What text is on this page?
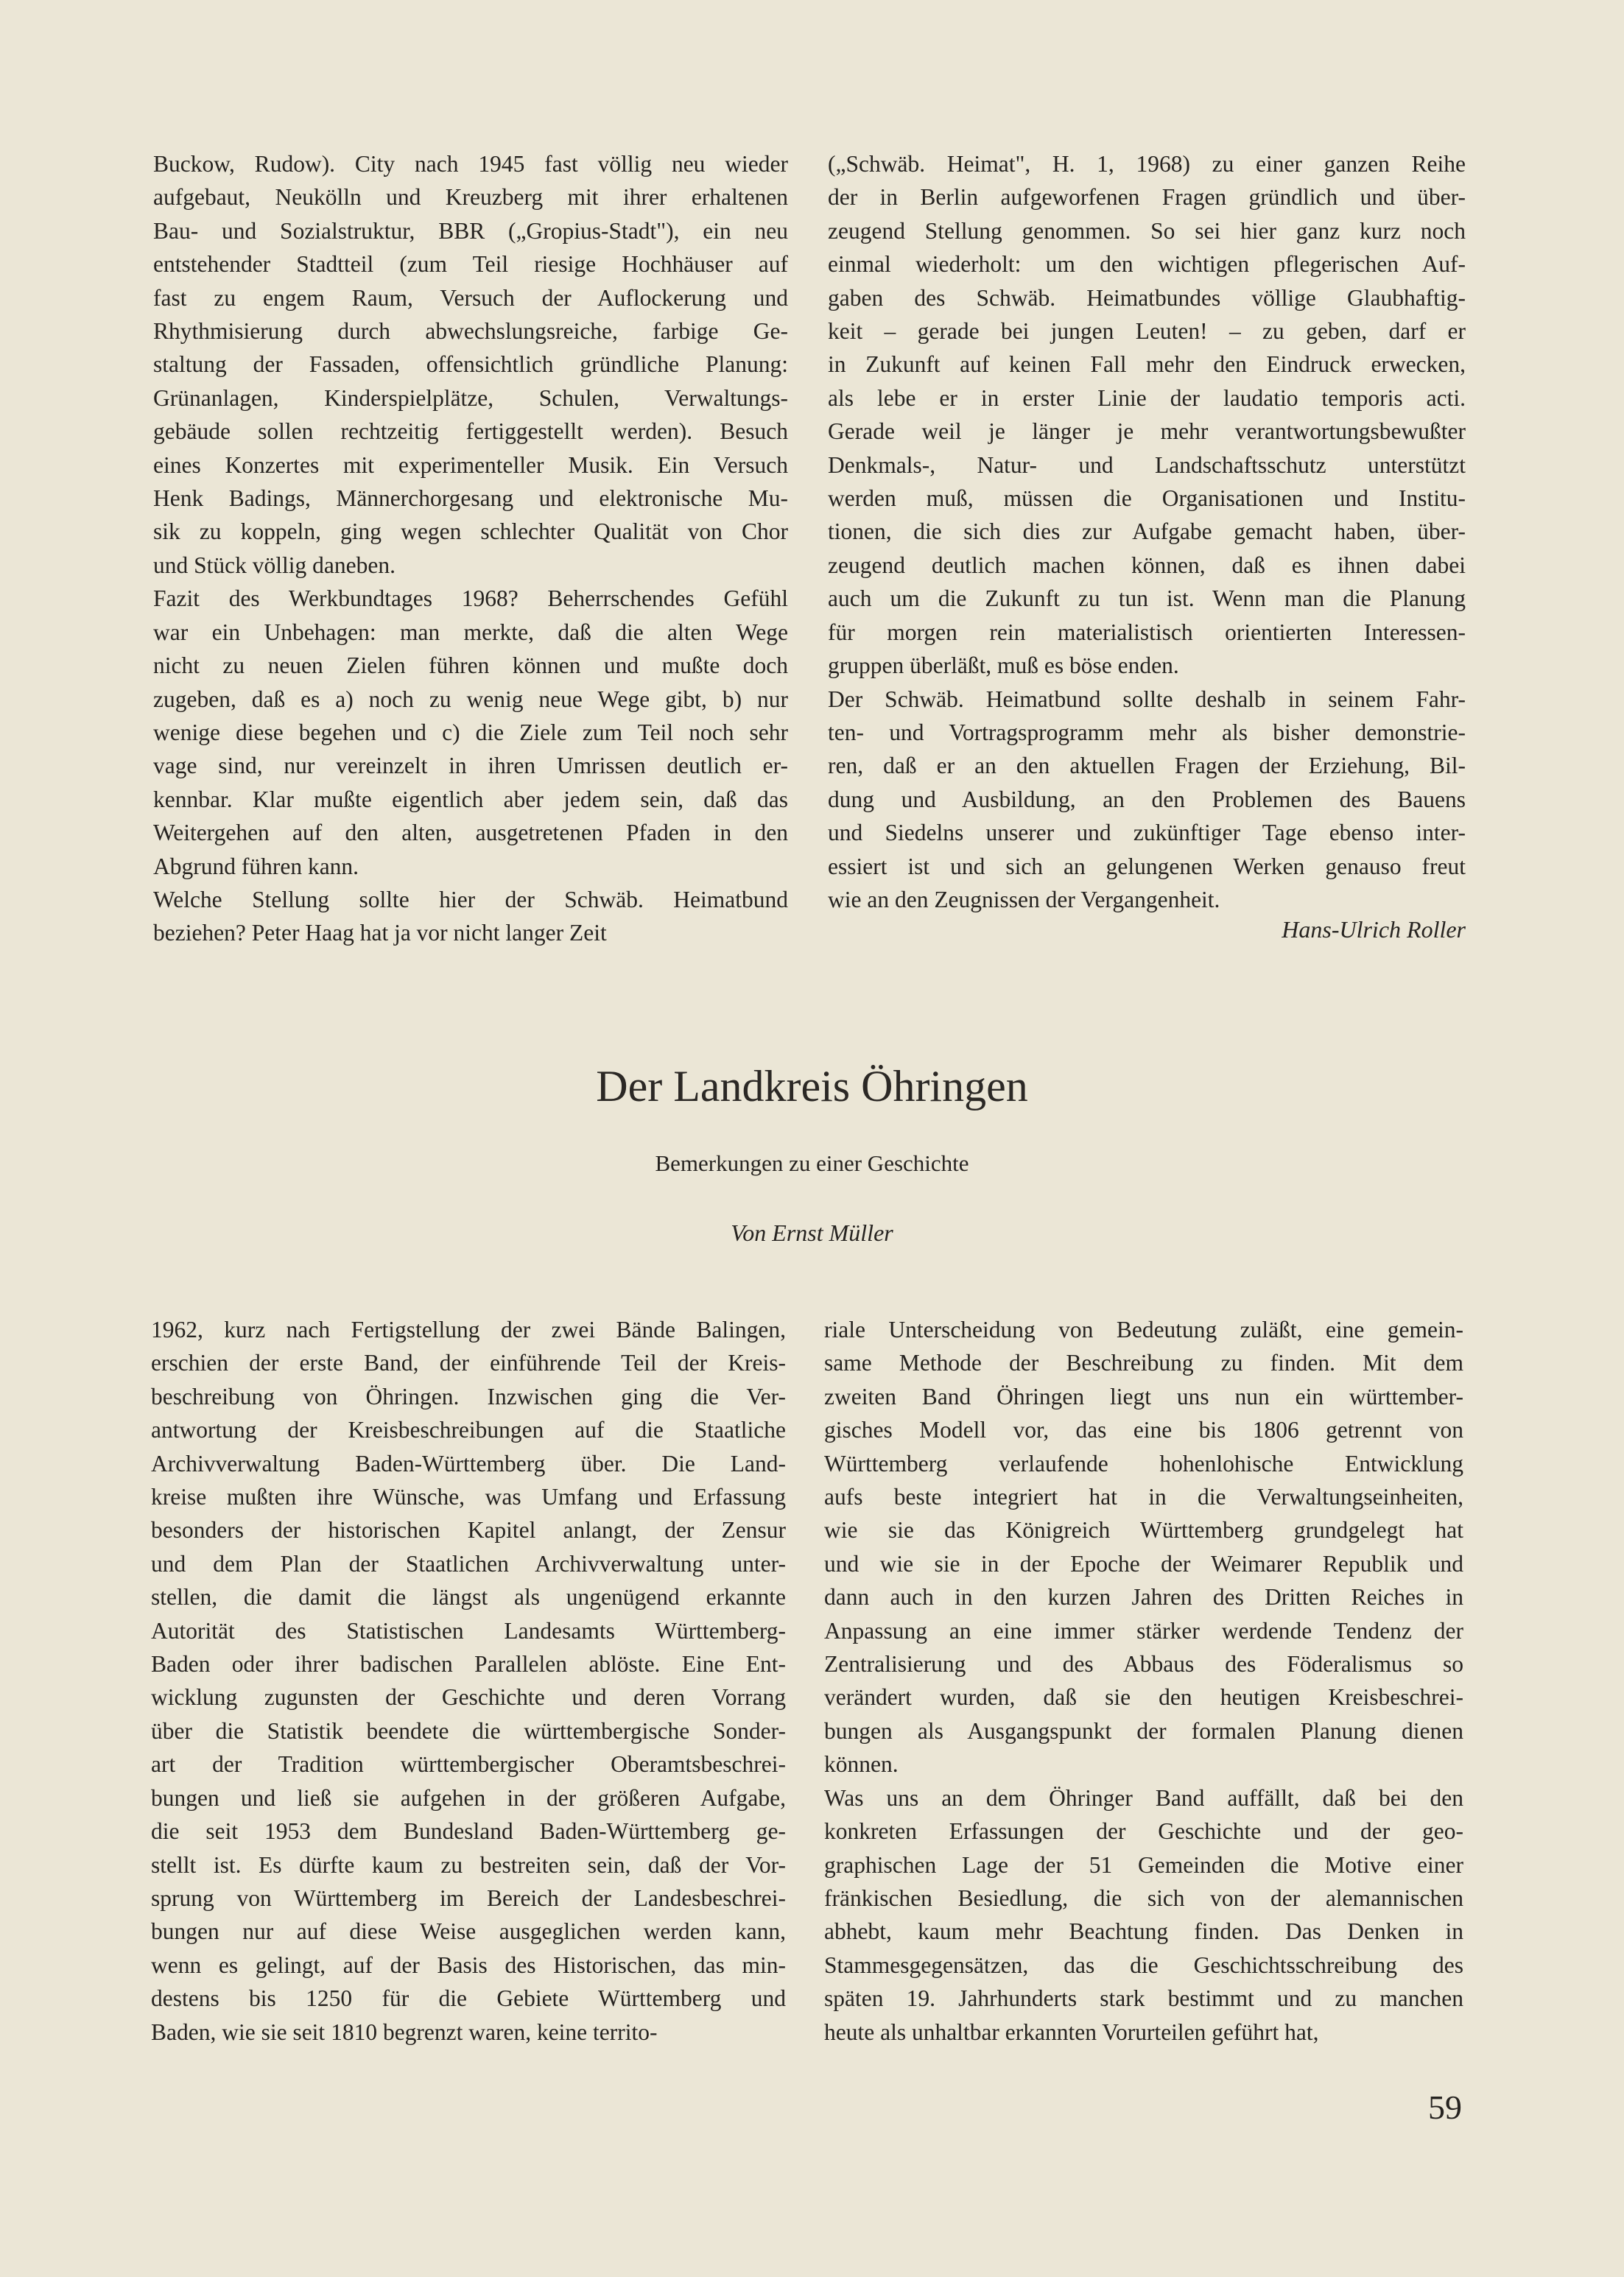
Buckow, Rudow). City nach 1945 fast völlig neu wieder
aufgebaut, Neukölln und Kreuzberg mit ihrer erhaltenen
Bau- und Sozialstruktur, BBR („Gropius-Stadt"), ein neu
entstehender Stadtteil (zum Teil riesige Hochhäuser auf
fast zu engem Raum, Versuch der Auflockerung und
Rhythmisierung durch abwechslungsreiche, farbige Ge-
staltung der Fassaden, offensichtlich gründliche Planung:
Grünanlagen, Kinderspielplätze, Schulen, Verwaltungs-
gebäude sollen rechtzeitig fertiggestellt werden). Besuch
eines Konzertes mit experimenteller Musik. Ein Versuch
Henk Badings, Männerchorgesang und elektronische Mu-
sik zu koppeln, ging wegen schlechter Qualität von Chor
und Stück völlig daneben.
Fazit des Werkbundtages 1968? Beherrschendes Gefühl
war ein Unbehagen: man merkte, daß die alten Wege
nicht zu neuen Zielen führen können und mußte doch
zugeben, daß es a) noch zu wenig neue Wege gibt, b) nur
wenige diese begehen und c) die Ziele zum Teil noch sehr
vage sind, nur vereinzelt in ihren Umrissen deutlich er-
kennbar. Klar mußte eigentlich aber jedem sein, daß das
Weitergehen auf den alten, ausgetretenen Pfaden in den
Abgrund führen kann.
Welche Stellung sollte hier der Schwäb. Heimatbund
beziehen? Peter Haag hat ja vor nicht langer Zeit
(„Schwäb. Heimat", H. 1, 1968) zu einer ganzen Reihe
der in Berlin aufgeworfenen Fragen gründlich und über-
zeugend Stellung genommen. So sei hier ganz kurz noch
einmal wiederholt: um den wichtigen pflegerischen Auf-
gaben des Schwäb. Heimatbundes völlige Glaubhaftig-
keit – gerade bei jungen Leuten! – zu geben, darf er
in Zukunft auf keinen Fall mehr den Eindruck erwecken,
als lebe er in erster Linie der laudatio temporis acti.
Gerade weil je länger je mehr verantwortungsbewußter
Denkmals-, Natur- und Landschaftsschutz unterstützt
werden muß, müssen die Organisationen und Institu-
tionen, die sich dies zur Aufgabe gemacht haben, über-
zeugend deutlich machen können, daß es ihnen dabei
auch um die Zukunft zu tun ist. Wenn man die Planung
für morgen rein materialistisch orientierten Interessen-
gruppen überläßt, muß es böse enden.
Der Schwäb. Heimatbund sollte deshalb in seinem Fahr-
ten- und Vortragsprogramm mehr als bisher demonstrie-
ren, daß er an den aktuellen Fragen der Erziehung, Bil-
dung und Ausbildung, an den Problemen des Bauens
und Siedelns unserer und zukünftiger Tage ebenso inter-
essiert ist und sich an gelungenen Werken genauso freut
wie an den Zeugnissen der Vergangenheit.
Hans-Ulrich Roller
Der Landkreis Öhringen
Bemerkungen zu einer Geschichte
Von Ernst Müller
1962, kurz nach Fertigstellung der zwei Bände Balingen,
erschien der erste Band, der einführende Teil der Kreis-
beschreibung von Öhringen. Inzwischen ging die Ver-
antwortung der Kreisbeschreibungen auf die Staatliche
Archivverwaltung Baden-Württemberg über. Die Land-
kreise mußten ihre Wünsche, was Umfang und Erfassung
besonders der historischen Kapitel anlangt, der Zensur
und dem Plan der Staatlichen Archivverwaltung unter-
stellen, die damit die längst als ungenügend erkannte
Autorität des Statistischen Landesamts Württemberg-
Baden oder ihrer badischen Parallelen ablöste. Eine Ent-
wicklung zugunsten der Geschichte und deren Vorrang
über die Statistik beendete die württembergische Sonder-
art der Tradition württembergischer Oberamtsbeschrei-
bungen und ließ sie aufgehen in der größeren Aufgabe,
die seit 1953 dem Bundesland Baden-Württemberg ge-
stellt ist. Es dürfte kaum zu bestreiten sein, daß der Vor-
sprung von Württemberg im Bereich der Landesbeschrei-
bungen nur auf diese Weise ausgeglichen werden kann,
wenn es gelingt, auf der Basis des Historischen, das min-
destens bis 1250 für die Gebiete Württemberg und
Baden, wie sie seit 1810 begrenzt waren, keine territo-
riale Unterscheidung von Bedeutung zuläßt, eine gemein-
same Methode der Beschreibung zu finden. Mit dem
zweiten Band Öhringen liegt uns nun ein württember-
gisches Modell vor, das eine bis 1806 getrennt von
Württemberg verlaufende hohenlohische Entwicklung
aufs beste integriert hat in die Verwaltungseinheiten,
wie sie das Königreich Württemberg grundgelegt hat
und wie sie in der Epoche der Weimarer Republik und
dann auch in den kurzen Jahren des Dritten Reiches in
Anpassung an eine immer stärker werdende Tendenz der
Zentralisierung und des Abbaus des Föderalismus so
verändert wurden, daß sie den heutigen Kreisbeschrei-
bungen als Ausgangspunkt der formalen Planung dienen
können.
Was uns an dem Öhringer Band auffällt, daß bei den
konkreten Erfassungen der Geschichte und der geo-
graphischen Lage der 51 Gemeinden die Motive einer
fränkischen Besiedlung, die sich von der alemannischen
abhebt, kaum mehr Beachtung finden. Das Denken in
Stammesgegensätzen, das die Geschichtsschreibung des
späten 19. Jahrhunderts stark bestimmt und zu manchen
heute als unhaltbar erkannten Vorurteilen geführt hat,
59
